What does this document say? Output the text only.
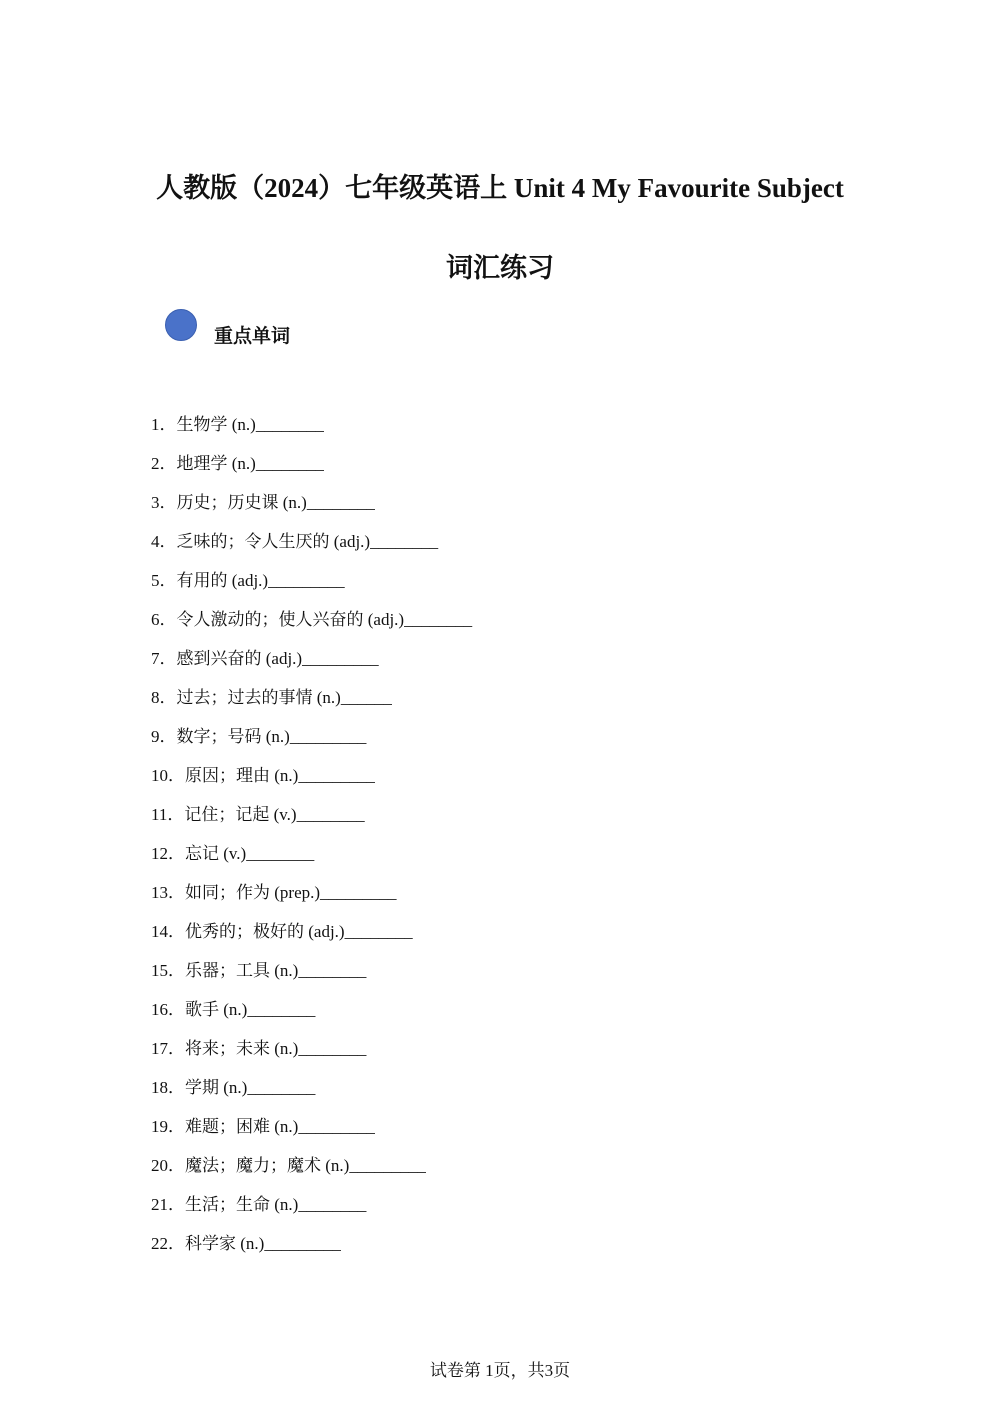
人教版（2024）七年级英语上 Unit 4 My Favourite Subject
词汇练习
重点单词
1．生物学 (n.)________
2．地理学 (n.)________
3．历史；历史课 (n.)________
4．乏味的；令人生厌的 (adj.)________
5．有用的 (adj.)_________
6．令人激动的；使人兴奋的 (adj.)________
7．感到兴奋的 (adj.)_________
8．过去；过去的事情 (n.)______
9．数字；号码 (n.)_________
10．原因；理由 (n.)_________
11．记住；记起 (v.)________
12．忘记 (v.)________
13．如同；作为 (prep.)_________
14．优秀的；极好的 (adj.)________
15．乐器；工具 (n.)________
16．歌手 (n.)________
17．将来；未来 (n.)________
18．学期 (n.)________
19．难题；困难 (n.)_________
20．魔法；魔力；魔术 (n.)_________
21．生活；生命 (n.)________
22．科学家 (n.)_________
试卷第 1页，共3页
